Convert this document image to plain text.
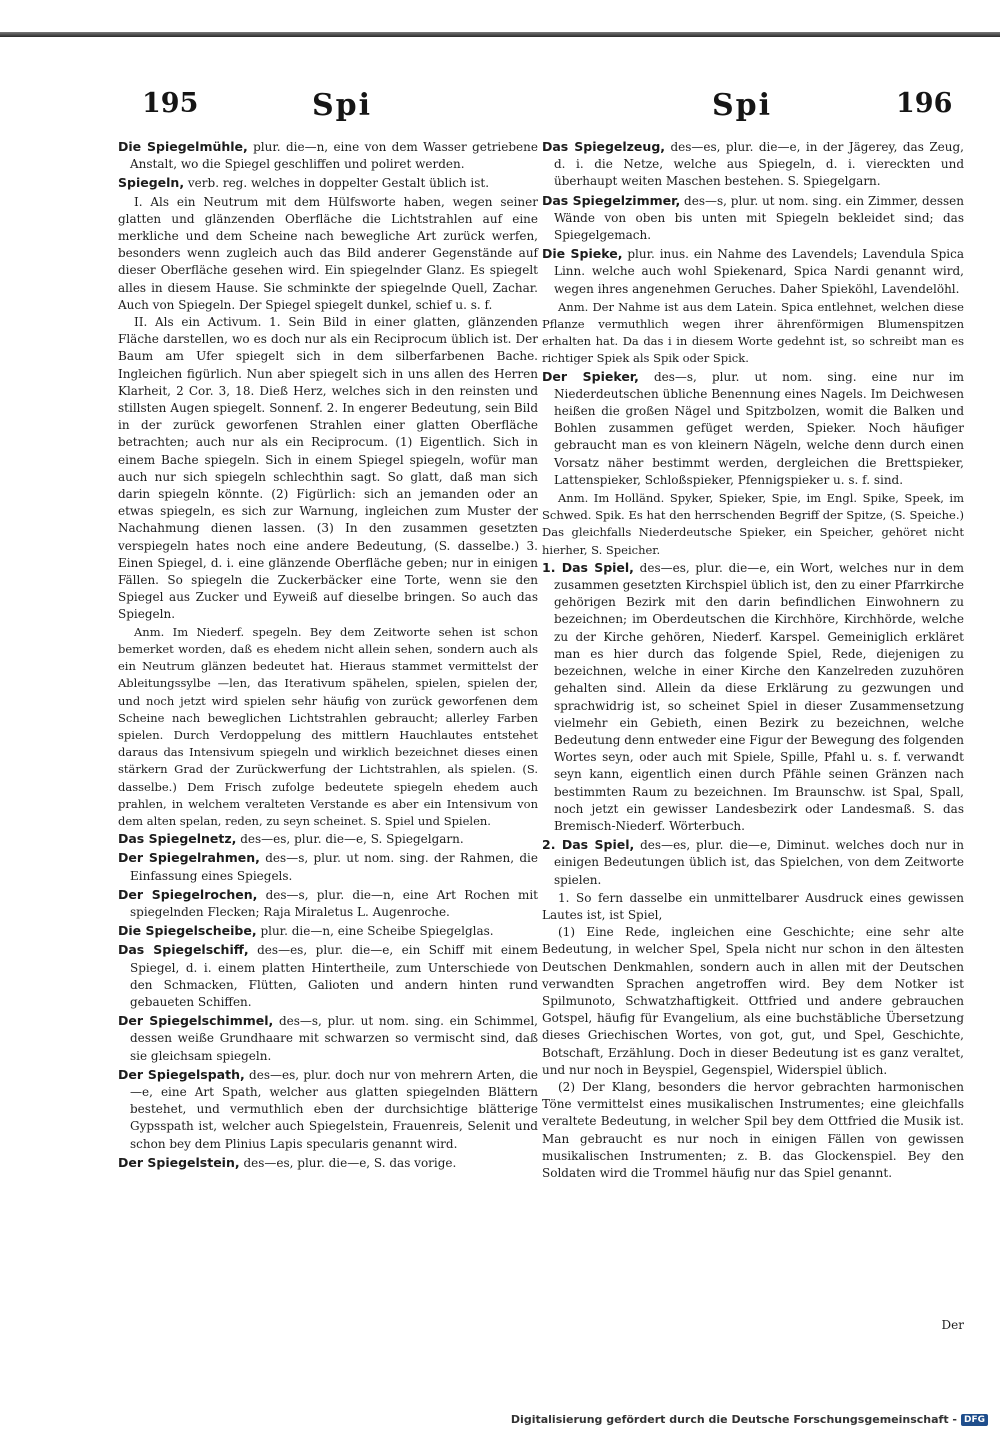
195	Spi	Spi	196

Die Spiegelmühle, plur. die—n, eine von dem Wasser getriebene Anstalt, wo die Spiegel geschliffen und poliret werden.

Spiegeln, verb. reg. welches in doppelter Gestalt üblich ist.

I. Als ein Neutrum mit dem Hülfsworte haben, wegen seiner glatten und glänzenden Oberfläche die Lichtstrahlen auf eine merkliche und dem Scheine nach bewegliche Art zurück werfen, besonders wenn zugleich auch das Bild anderer Gegenstände auf dieser Oberfläche gesehen wird. Ein spiegelnder Glanz. Es spiegelt alles in diesem Hause. Sie schminkte der spiegelnde Quell, Zachar. Auch von Spiegeln. Der Spiegel spiegelt dunkel, schief u. s. f.

II. Als ein Activum. 1. Sein Bild in einer glatten, glänzenden Fläche darstellen, wo es doch nur als ein Reciprocum üblich ist. Der Baum am Ufer spiegelt sich in dem silberfarbenen Bache. Ingleichen figürlich. Nun aber spiegelt sich in uns allen des Herren Klarheit, 2 Cor. 3, 18. Dieß Herz, welches sich in den reinsten und stillsten Augen spiegelt. Sonnenf. 2. In engerer Bedeutung, sein Bild in der zurück geworfenen Strahlen einer glatten Oberfläche betrachten; auch nur als ein Reciprocum. (1) Eigentlich. Sich in einem Bache spiegeln. Sich in einem Spiegel spiegeln, wofür man auch nur sich spiegeln schlechthin sagt. So glatt, daß man sich darin spiegeln könnte. (2) Figürlich: sich an jemanden oder an etwas spiegeln, es sich zur Warnung, ingleichen zum Muster der Nachahmung dienen lassen. (3) In den zusammen gesetzten verspiegeln hates noch eine andere Bedeutung, (S. dasselbe.) 3. Einen Spiegel, d. i. eine glänzende Oberfläche geben; nur in einigen Fällen. So spiegeln die Zuckerbäcker eine Torte, wenn sie den Spiegel aus Zucker und Eyweiß auf dieselbe bringen. So auch das Spiegeln.

Anm. Im Niederf. spegeln. Bey dem Zeitworte sehen ist schon bemerket worden, daß es ehedem nicht allein sehen, sondern auch als ein Neutrum glänzen bedeutet hat. Hieraus stammet vermittelst der Ableitungssylbe —len, das Iterativum spähelen, spielen, spielen der, und noch jetzt wird spielen sehr häufig von zurück geworfenen dem Scheine nach beweglichen Lichtstrahlen gebraucht; allerley Farben spielen. Durch Verdoppelung des mittlern Hauchlautes entstehet daraus das Intensivum spiegeln und wirklich bezeichnet dieses einen stärkern Grad der Zurückwerfung der Lichtstrahlen, als spielen. (S. dasselbe.) Dem Frisch zufolge bedeutete spiegeln ehedem auch prahlen, in welchem veralteten Verstande es aber ein Intensivum von dem alten spelan, reden, zu seyn scheinet. S. Spiel und Spielen.

Das Spiegelnetz, des—es, plur. die—e, S. Spiegelgarn.

Der Spiegelrahmen, des—s, plur. ut nom. sing. der Rahmen, die Einfassung eines Spiegels.

Der Spiegelrochen, des—s, plur. die—n, eine Art Rochen mit spiegelnden Flecken; Raja Miraletus L. Augenroche.

Die Spiegelscheibe, plur. die—n, eine Scheibe Spiegelglas.

Das Spiegelschiff, des—es, plur. die—e, ein Schiff mit einem Spiegel, d. i. einem platten Hintertheile, zum Unterschiede von den Schmacken, Flütten, Galioten und andern hinten rund gebaueten Schiffen.

Der Spiegelschimmel, des—s, plur. ut nom. sing. ein Schimmel, dessen weiße Grundhaare mit schwarzen so vermischt sind, daß sie gleichsam spiegeln.

Der Spiegelspath, des—es, plur. doch nur von mehrern Arten, die—e, eine Art Spath, welcher aus glatten spiegelnden Blättern bestehet, und vermuthlich eben der durchsichtige blätterige Gypsspath ist, welcher auch Spiegelstein, Frauenreis, Selenit und schon bey dem Plinius Lapis specularis genannt wird.

Der Spiegelstein, des—es, plur. die—e, S. das vorige.

Das Spiegelzeug, des—es, plur. die—e, in der Jägerey, das Zeug, d. i. die Netze, welche aus Spiegeln, d. i. viereckten und überhaupt weiten Maschen bestehen. S. Spiegelgarn.

Das Spiegelzimmer, des—s, plur. ut nom. sing. ein Zimmer, dessen Wände von oben bis unten mit Spiegeln bekleidet sind; das Spiegelgemach.

Die Spieke, plur. inus. ein Nahme des Lavendels; Lavendula Spica Linn. welche auch wohl Spiekenard, Spica Nardi genannt wird, wegen ihres angenehmen Geruches. Daher Spieköhl, Lavendelöhl.

Anm. Der Nahme ist aus dem Latein. Spica entlehnet, welchen diese Pflanze vermuthlich wegen ihrer ährenförmigen Blumenspitzen erhalten hat. Da das i in diesem Worte gedehnt ist, so schreibt man es richtiger Spiek als Spik oder Spick.

Der Spieker, des—s, plur. ut nom. sing. eine nur im Niederdeutschen übliche Benennung eines Nagels. Im Deichwesen heißen die großen Nägel und Spitzbolzen, womit die Balken und Bohlen zusammen gefüget werden, Spieker. Noch häufiger gebraucht man es von kleinern Nägeln, welche denn durch einen Vorsatz näher bestimmt werden, dergleichen die Brettspieker, Lattenspieker, Schloßspieker, Pfennigspieker u. s. f. sind.

Anm. Im Holländ. Spyker, Spieker, Spie, im Engl. Spike, Speek, im Schwed. Spik. Es hat den herrschenden Begriff der Spitze, (S. Speiche.) Das gleichfalls Niederdeutsche Spieker, ein Speicher, gehöret nicht hierher, S. Speicher.

1. Das Spiel, des—es, plur. die—e, ein Wort, welches nur in dem zusammen gesetzten Kirchspiel üblich ist, den zu einer Pfarrkirche gehörigen Bezirk mit den darin befindlichen Einwohnern zu bezeichnen; im Oberdeutschen die Kirchhöre, Kirchhörde, welche zu der Kirche gehören, Niederf. Karspel. Gemeiniglich erkläret man es hier durch das folgende Spiel, Rede, diejenigen zu bezeichnen, welche in einer Kirche den Kanzelreden zuzuhören gehalten sind. Allein da diese Erklärung zu gezwungen und sprachwidrig ist, so scheinet Spiel in dieser Zusammensetzung vielmehr ein Gebieth, einen Bezirk zu bezeichnen, welche Bedeutung denn entweder eine Figur der Bewegung des folgenden Wortes seyn, oder auch mit Spiele, Spille, Pfahl u. s. f. verwandt seyn kann, eigentlich einen durch Pfähle seinen Gränzen nach bestimmten Raum zu bezeichnen. Im Braunschw. ist Spal, Spall, noch jetzt ein gewisser Landesbezirk oder Landesmaß. S. das Bremisch-Niederf. Wörterbuch.

2. Das Spiel, des—es, plur. die—e, Diminut. welches doch nur in einigen Bedeutungen üblich ist, das Spielchen, von dem Zeitworte spielen.

1. So fern dasselbe ein unmittelbarer Ausdruck eines gewissen Lautes ist, ist Spiel,

(1) Eine Rede, ingleichen eine Geschichte; eine sehr alte Bedeutung, in welcher Spel, Spela nicht nur schon in den ältesten Deutschen Denkmahlen, sondern auch in allen mit der Deutschen verwandten Sprachen angetroffen wird. Bey dem Notker ist Spilmunoto, Schwatzhaftigkeit. Ottfried und andere gebrauchen Gotspel, häufig für Evangelium, als eine buchstäbliche Übersetzung dieses Griechischen Wortes, von got, gut, und Spel, Geschichte, Botschaft, Erzählung. Doch in dieser Bedeutung ist es ganz veraltet, und nur noch in Beyspiel, Gegenspiel, Widerspiel üblich.

(2) Der Klang, besonders die hervor gebrachten harmonischen Töne vermittelst eines musikalischen Instrumentes; eine gleichfalls veraltete Bedeutung, in welcher Spil bey dem Ottfried die Musik ist. Man gebraucht es nur noch in einigen Fällen von gewissen musikalischen Instrumenten; z. B. das Glockenspiel. Bey den Soldaten wird die Trommel häufig nur das Spiel genannt.

Der
Digitalisierung gefördert durch die Deutsche Forschungsgemeinschaft - DFG
